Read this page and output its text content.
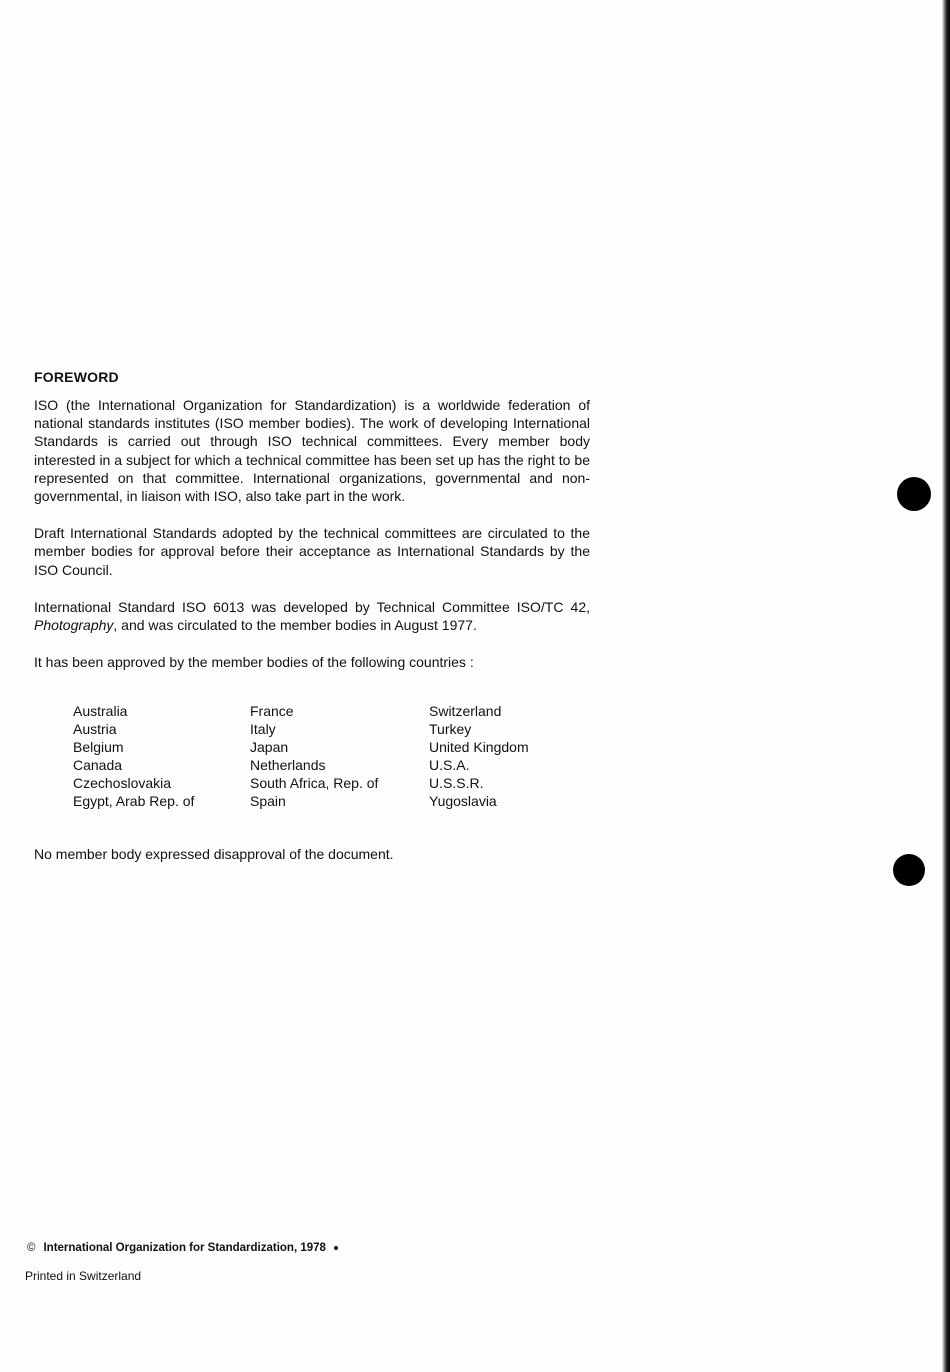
FOREWORD

ISO (the International Organization for Standardization) is a worldwide federation of national standards institutes (ISO member bodies). The work of developing International Standards is carried out through ISO technical committees. Every member body interested in a subject for which a technical committee has been set up has the right to be represented on that committee. International organizations, governmental and non-governmental, in liaison with ISO, also take part in the work.

Draft International Standards adopted by the technical committees are circulated to the member bodies for approval before their acceptance as International Standards by the ISO Council.

International Standard ISO 6013 was developed by Technical Committee ISO/TC 42, Photography, and was circulated to the member bodies in August 1977.

It has been approved by the member bodies of the following countries :

Australia
Austria
Belgium
Canada
Czechoslovakia
Egypt, Arab Rep. of
France
Italy
Japan
Netherlands
South Africa, Rep. of
Spain
Switzerland
Turkey
United Kingdom
U.S.A.
U.S.S.R.
Yugoslavia

No member body expressed disapproval of the document.

© International Organization for Standardization, 1978
Printed in Switzerland
